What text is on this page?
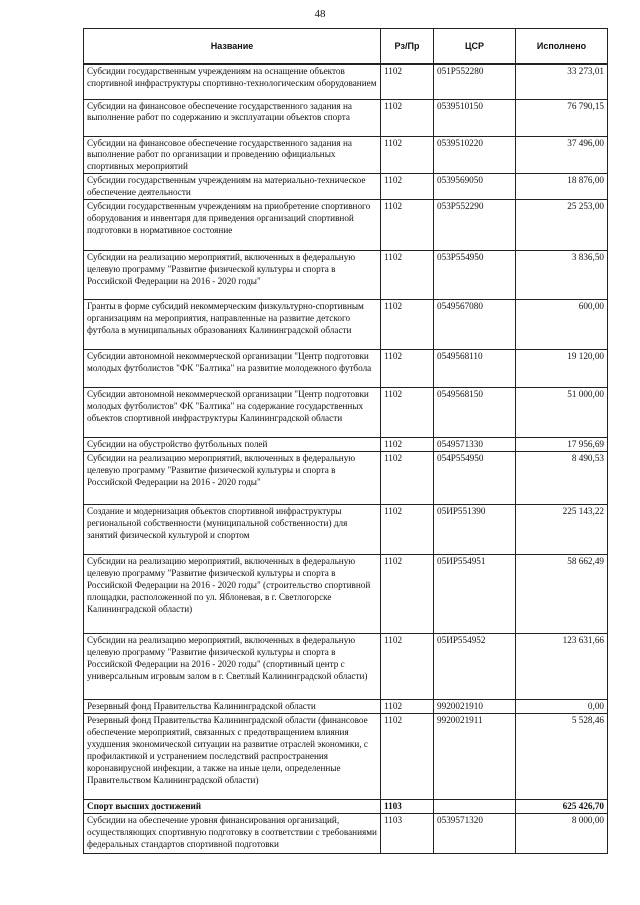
48
Название	Рз/Пр	ЦСР	Исполнено
Субсидии государственным учреждениям на оснащение объектов спортивной инфраструктуры спортивно-технологическим оборудованием	1102	051Р552280	33 273,01
Субсидии на финансовое обеспечение государственного задания на выполнение работ по содержанию и эксплуатации объектов спорта	1102	0539510150	76 790,15
Субсидии на финансовое обеспечение государственного задания на выполнение работ по организации и проведению официальных спортивных мероприятий	1102	0539510220	37 496,00
Субсидии государственным учреждениям на материально-техническое обеспечение деятельности	1102	0539569050	18 876,00
Субсидии государственным учреждениям на приобретение спортивного оборудования и инвентаря для приведения организаций спортивной подготовки в нормативное состояние	1102	053Р552290	25 253,00
Субсидии на реализацию мероприятий, включенных в федеральную целевую программу "Развитие физической культуры и спорта в Российской Федерации на 2016 - 2020 годы"	1102	053Р554950	3 836,50
Гранты в форме субсидий некоммерческим физкультурно-спортивным организациям на мероприятия, направленные на развитие детского футбола в муниципальных образованиях Калининградской области	1102	0549567080	600,00
Субсидии автономной некоммерческой организации "Центр подготовки молодых футболистов "ФК "Балтика" на развитие молодежного футбола	1102	0549568110	19 120,00
Субсидии автономной некоммерческой организации "Центр подготовки молодых футболистов" ФК "Балтика" на содержание государственных объектов спортивной инфраструктуры Калининградской области	1102	0549568150	51 000,00
Субсидии на обустройство футбольных полей	1102	0549571330	17 956,69
Субсидии на реализацию мероприятий, включенных в федеральную целевую программу "Развитие физической культуры и спорта в Российской Федерации на 2016 - 2020 годы"	1102	054Р554950	8 490,53
Создание и модернизация объектов спортивной инфраструктуры региональной собственности (муниципальной собственности) для занятий физической культурой и спортом	1102	05ИР551390	225 143,22
Субсидии на реализацию мероприятий, включенных в федеральную целевую программу "Развитие физической культуры и спорта в Российской Федерации на 2016 - 2020 годы" (строительство спортивной площадки, расположенной по ул. Яблоневая, в г. Светлогорске Калининградской области)	1102	05ИР554951	58 662,49
Субсидии на реализацию мероприятий, включенных в федеральную целевую программу "Развитие физической культуры и спорта в Российской Федерации на 2016 - 2020 годы" (спортивный центр с универсальным игровым залом в г. Светлый Калининградской области)	1102	05ИР554952	123 631,66
Резервный фонд Правительства Калининградской области	1102	9920021910	0,00
Резервный фонд Правительства Калининградской области (финансовое обеспечение мероприятий, связанных с предотвращением влияния ухудшения экономической ситуации на развитие отраслей экономики, с профилактикой и устранением последствий распространения коронавирусной инфекции, а также на иные цели, определенные Правительством Калининградской области)	1102	9920021911	5 528,46
Спорт высших достижений	1103		625 426,70
Субсидии на обеспечение уровня финансирования организаций, осуществляющих спортивную подготовку в соответствии с требованиями федеральных стандартов спортивной подготовки	1103	0539571320	8 000,00
